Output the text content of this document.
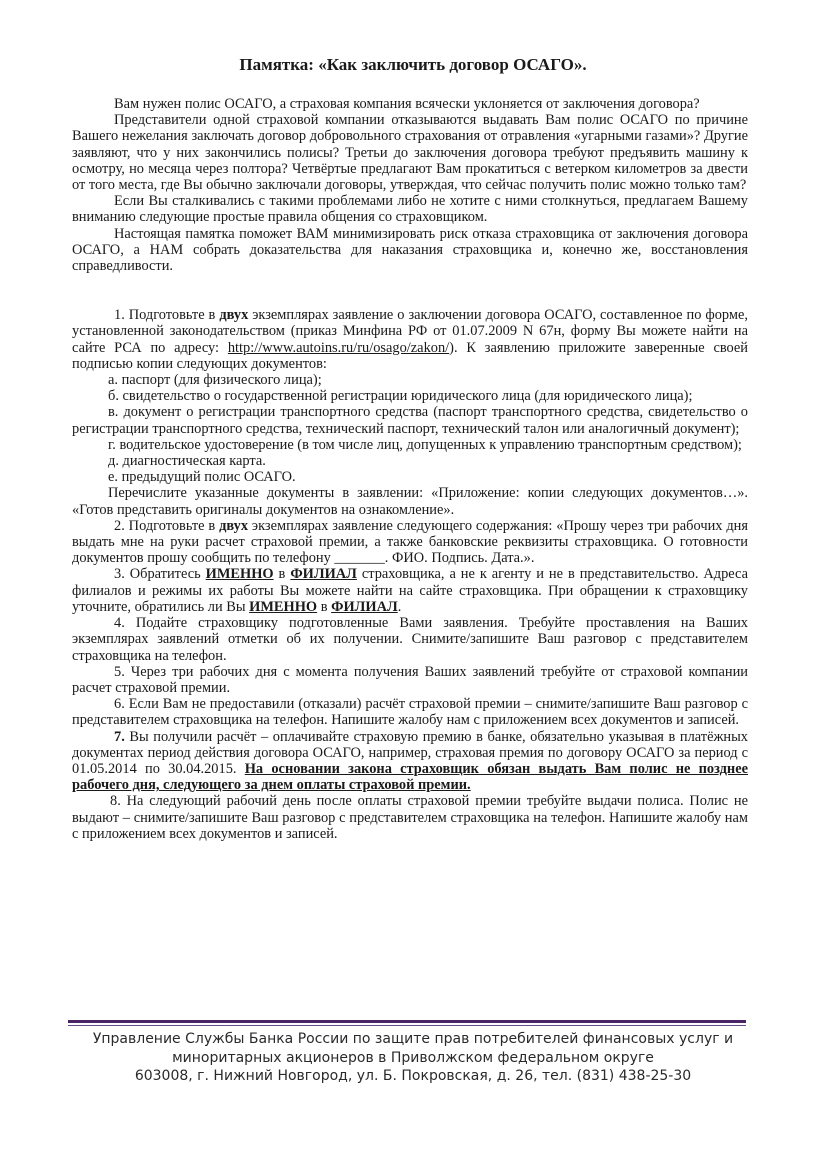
Памятка: «Как заключить договор ОСАГО».

Вам нужен полис ОСАГО, а страховая компания всячески уклоняется от заключения договора?

Представители одной страховой компании отказываются выдавать Вам полис ОСАГО по причине Вашего нежелания заключать договор добровольного страхования от отравления «угарными газами»? Другие заявляют, что у них закончились полисы? Третьи до заключения договора требуют предъявить машину к осмотру, но месяца через полтора? Четвёртые предлагают Вам прокатиться с ветерком километров за двести от того места, где Вы обычно заключали договоры, утверждая, что сейчас получить полис можно только там?

Если Вы сталкивались с такими проблемами либо не хотите с ними столкнуться, предлагаем Вашему вниманию следующие простые правила общения со страховщиком.

Настоящая памятка поможет ВАМ минимизировать риск отказа страховщика от заключения договора ОСАГО, а НАМ собрать доказательства для наказания страховщика и, конечно же, восстановления справедливости.

1. Подготовьте в двух экземплярах заявление о заключении договора ОСАГО, составленное по форме, установленной законодательством (приказ Минфина РФ от 01.07.2009 N 67н, форму Вы можете найти на сайте РСА по адресу: http://www.autoins.ru/ru/osago/zakon/). К заявлению приложите заверенные своей подписью копии следующих документов:

а. паспорт (для физического лица);

б. свидетельство о государственной регистрации юридического лица (для юридического лица);

в. документ о регистрации транспортного средства (паспорт транспортного средства, свидетельство о регистрации транспортного средства, технический паспорт, технический талон или аналогичный документ);

г. водительское удостоверение (в том числе лиц, допущенных к управлению транспортным средством);

д. диагностическая карта.

е. предыдущий полис ОСАГО.

Перечислите указанные документы в заявлении: «Приложение: копии следующих документов…». «Готов представить оригиналы документов на ознакомление».

2. Подготовьте в двух экземплярах заявление следующего содержания: «Прошу через три рабочих дня выдать мне на руки расчет страховой премии, а также банковские реквизиты страховщика. О готовности документов прошу сообщить по телефону _______. ФИО. Подпись. Дата.».

3. Обратитесь ИМЕННО в ФИЛИАЛ страховщика, а не к агенту и не в представительство. Адреса филиалов и режимы их работы Вы можете найти на сайте страховщика. При обращении к страховщику уточните, обратились ли Вы ИМЕННО в ФИЛИАЛ.

4. Подайте страховщику подготовленные Вами заявления. Требуйте проставления на Ваших экземплярах заявлений отметки об их получении. Снимите/запишите Ваш разговор с представителем страховщика на телефон.

5. Через три рабочих дня с момента получения Ваших заявлений требуйте от страховой компании расчет страховой премии.

6. Если Вам не предоставили (отказали) расчёт страховой премии – снимите/запишите Ваш разговор с представителем страховщика на телефон. Напишите жалобу нам с приложением всех документов и записей.

7. Вы получили расчёт – оплачивайте страховую премию в банке, обязательно указывая в платёжных документах период действия договора ОСАГО, например, страховая премия по договору ОСАГО за период с 01.05.2014 по 30.04.2015. На основании закона страховщик обязан выдать Вам полис не позднее рабочего дня, следующего за днем оплаты страховой премии.

8. На следующий рабочий день после оплаты страховой премии требуйте выдачи полиса. Полис не выдают – снимите/запишите Ваш разговор с представителем страховщика на телефон. Напишите жалобу нам с приложением всех документов и записей.

Управление Службы Банка России по защите прав потребителей финансовых услуг и
миноритарных акционеров в Приволжском федеральном округе
603008, г. Нижний Новгород, ул. Б. Покровская, д. 26, тел. (831) 438-25-30
